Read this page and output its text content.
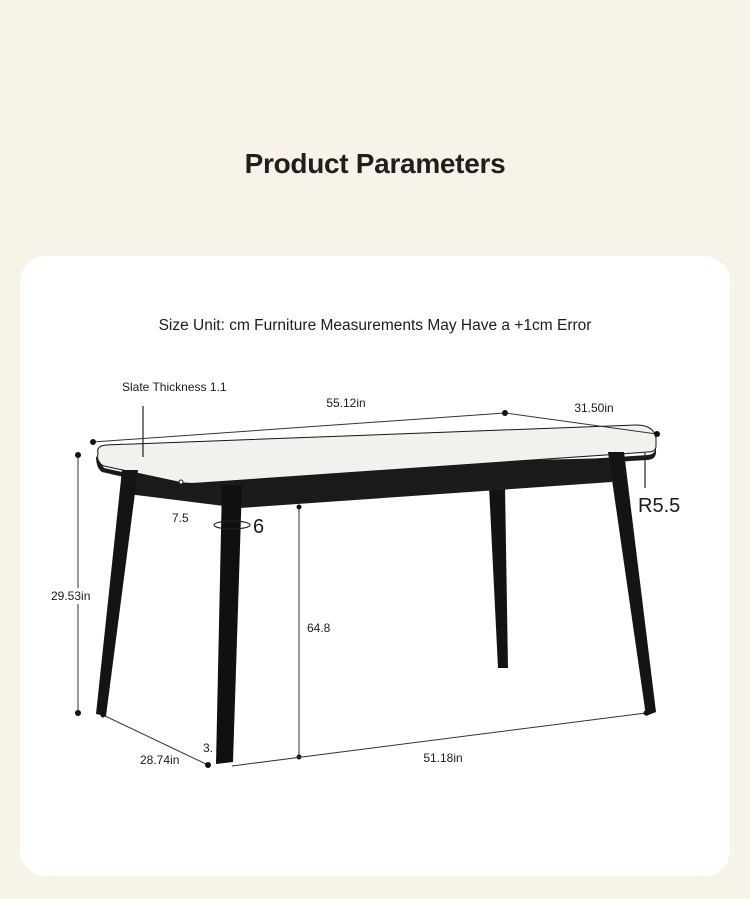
Product Parameters
Size Unit: cm Furniture Measurements May Have a +1cm Error
55.12in	31.50in
Slate Thickness 1.1
R5.5
7.5	6
29.53in
64.8
28.74in
3.
51.18in
